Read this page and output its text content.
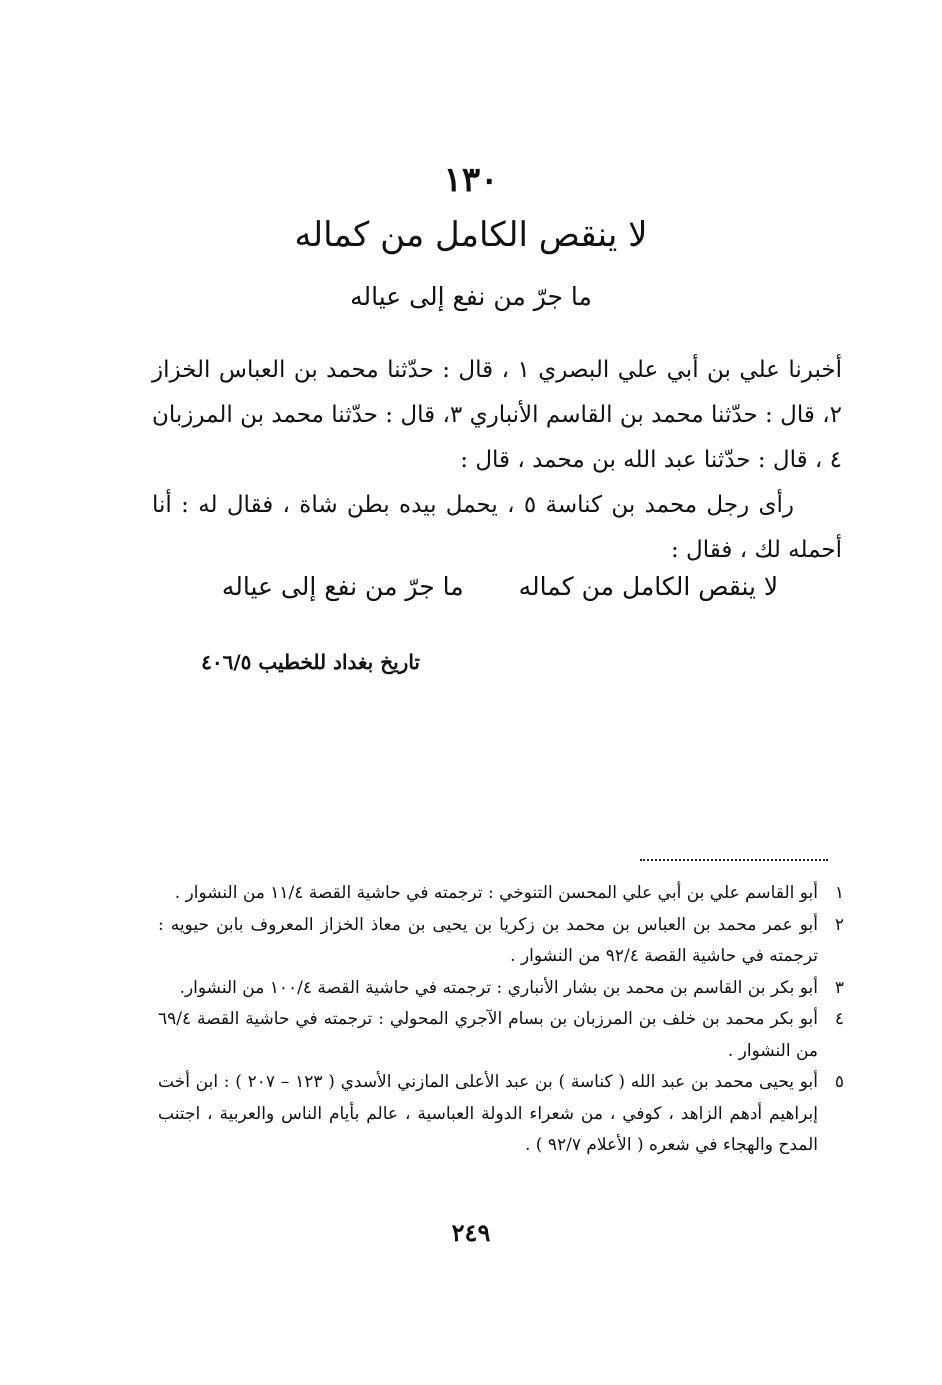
١٣٠
لا ينقص الكامل من كماله
ما جرّ من نفع إلى عياله

أخبرنا علي بن أبي علي البصري ١ ، قال : حدّثنا محمد بن العباس الخزاز ٢، قال : حدّثنا محمد بن القاسم الأنباري ٣، قال : حدّثنا محمد بن المرزبان ٤ ، قال : حدّثنا عبد الله بن محمد ، قال :

رأى رجل محمد بن كناسة ٥ ، يحمل بيده بطن شاة ، فقال له : أنا أحمله لك ، فقال :

لا ينقص الكامل من كماله
ما جرّ من نفع إلى عياله
تاريخ بغداد للخطيب ٤٠٦/٥
١
أبو القاسم علي بن أبي علي المحسن التنوخي : ترجمته في حاشية القصة ١١/٤ من النشوار .
٢
أبو عمر محمد بن العباس بن محمد بن زكريا بن يحيى بن معاذ الخزاز المعروف بابن حيويه : ترجمته في حاشية القصة ٩٢/٤ من النشوار .
٣
أبو بكر بن القاسم بن محمد بن بشار الأنباري : ترجمته في حاشية القصة ١٠٠/٤ من النشوار.
٤
أبو بكر محمد بن خلف بن المرزبان بن بسام الآجري المحولي : ترجمته في حاشية القصة ٦٩/٤ من النشوار .
٥
أبو يحيى محمد بن عبد الله ( كناسة ) بن عبد الأعلى المازني الأسدي ( ١٢٣ – ٢٠٧ ) : ابن أخت إبراهيم أدهم الزاهد ، كوفي ، من شعراء الدولة العباسية ، عالم بأيام الناس والعربية ، اجتنب المدح والهجاء في شعره ( الأعلام ٩٢/٧ ) .
٢٤٩
